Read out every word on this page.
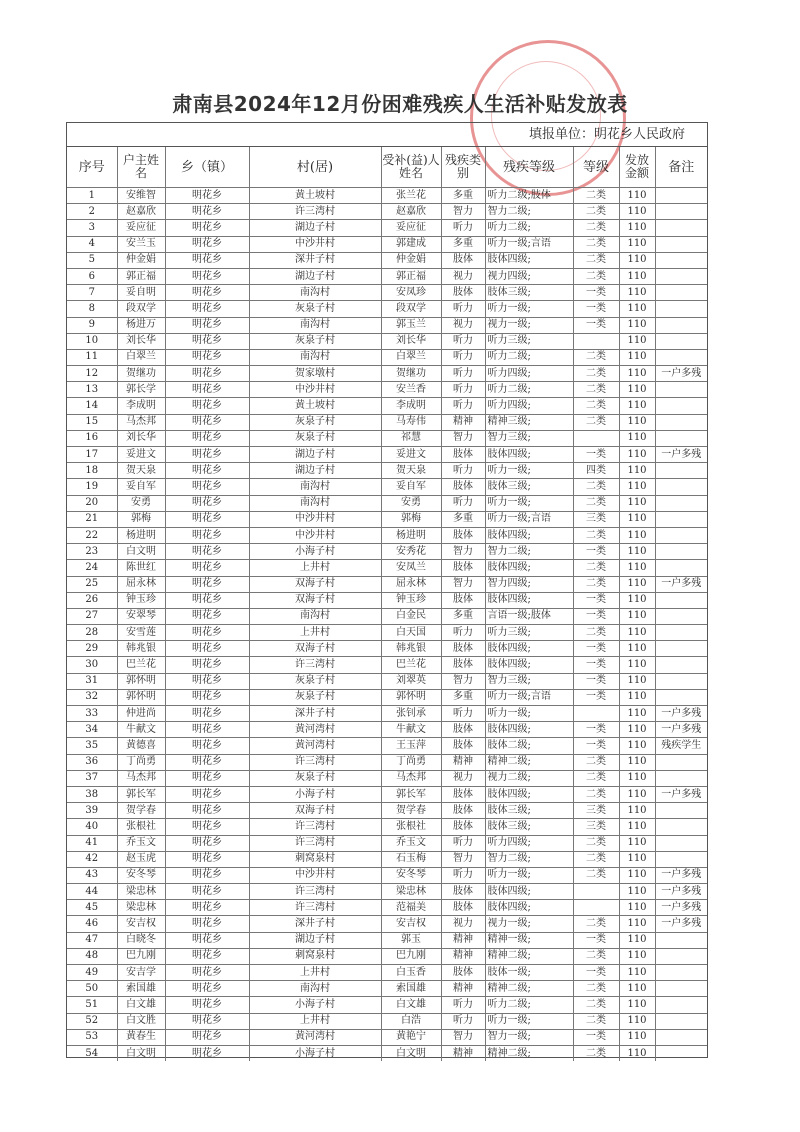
肃南县2024年12月份困难残疾人生活补贴发放表
填报单位：明花乡人民政府
序号	户主姓名	乡（镇）	村(居)	受补(益)人姓名	残疾类别	残疾等级	等级	发放金额	备注
1	安维智	明花乡	黄土坡村	张兰花	多重	听力二级;肢体	二类	110	
2	赵嘉欣	明花乡	许三湾村	赵嘉欣	智力	智力二级;	二类	110	
3	妥应征	明花乡	湖边子村	妥应征	听力	听力二级;	二类	110	
4	安兰玉	明花乡	中沙井村	郭建成	多重	听力一级;言语	二类	110	
5	仲金娟	明花乡	深井子村	仲金娟	肢体	肢体四级;	二类	110	
6	郭正福	明花乡	湖边子村	郭正福	视力	视力四级;	二类	110	
7	妥自明	明花乡	南沟村	安凤珍	肢体	肢体三级;	一类	110	
8	段双学	明花乡	灰泉子村	段双学	听力	听力一级;	一类	110	
9	杨进万	明花乡	南沟村	郭玉兰	视力	视力一级;	一类	110	
10	刘长华	明花乡	灰泉子村	刘长华	听力	听力三级;		110	
11	白翠兰	明花乡	南沟村	白翠兰	听力	听力二级;	二类	110	
12	贺继功	明花乡	贺家墩村	贺继功	听力	听力四级;	二类	110	一户多残
13	郭长学	明花乡	中沙井村	安兰香	听力	听力二级;	二类	110	
14	李成明	明花乡	黄土坡村	李成明	听力	听力四级;	二类	110	
15	马杰邦	明花乡	灰泉子村	马寿伟	精神	精神三级;	二类	110	
16	刘长华	明花乡	灰泉子村	祁慧	智力	智力三级;		110	
17	妥进文	明花乡	湖边子村	妥进文	肢体	肢体四级;	一类	110	一户多残
18	贺天泉	明花乡	湖边子村	贺天泉	听力	听力一级;	四类	110	
19	妥自军	明花乡	南沟村	妥自军	肢体	肢体三级;	二类	110	
20	安勇	明花乡	南沟村	安勇	听力	听力一级;	二类	110	
21	郭梅	明花乡	中沙井村	郭梅	多重	听力一级;言语	三类	110	
22	杨进明	明花乡	中沙井村	杨进明	肢体	肢体四级;	二类	110	
23	白文明	明花乡	小海子村	安秀花	智力	智力二级;	一类	110	
24	陈世红	明花乡	上井村	安凤兰	肢体	肢体四级;	二类	110	
25	屈永林	明花乡	双海子村	屈永林	智力	智力四级;	二类	110	一户多残
26	钟玉珍	明花乡	双海子村	钟玉珍	肢体	肢体四级;	一类	110	
27	安翠琴	明花乡	南沟村	白金民	多重	言语一级;肢体	一类	110	
28	安雪莲	明花乡	上井村	白天国	听力	听力三级;	二类	110	
29	韩兆银	明花乡	双海子村	韩兆银	肢体	肢体四级;	一类	110	
30	巴兰花	明花乡	许三湾村	巴兰花	肢体	肢体四级;	一类	110	
31	郭怀明	明花乡	灰泉子村	刘翠英	智力	智力三级;	一类	110	
32	郭怀明	明花乡	灰泉子村	郭怀明	多重	听力一级;言语	一类	110	
33	仲进尚	明花乡	深井子村	张钊承	听力	听力一级;		110	一户多残
34	牛献文	明花乡	黄河湾村	牛献文	肢体	肢体四级;	一类	110	一户多残
35	黄德喜	明花乡	黄河湾村	王玉萍	肢体	肢体二级;	一类	110	残疾学生
36	丁尚勇	明花乡	许三湾村	丁尚勇	精神	精神二级;	二类	110	
37	马杰邦	明花乡	灰泉子村	马杰邦	视力	视力二级;	二类	110	
38	郭长军	明花乡	小海子村	郭长军	肢体	肢体四级;	二类	110	一户多残
39	贺学春	明花乡	双海子村	贺学春	肢体	肢体三级;	三类	110	
40	张根社	明花乡	许三湾村	张根社	肢体	肢体三级;	三类	110	
41	乔玉文	明花乡	许三湾村	乔玉文	听力	听力四级;	二类	110	
42	赵玉虎	明花乡	刺窝泉村	石玉梅	智力	智力二级;	二类	110	
43	安冬琴	明花乡	中沙井村	安冬琴	听力	听力一级;	二类	110	一户多残
44	梁忠林	明花乡	许三湾村	梁忠林	肢体	肢体四级;		110	一户多残
45	梁忠林	明花乡	许三湾村	范福美	肢体	肢体四级;		110	一户多残
46	安吉权	明花乡	深井子村	安吉权	视力	视力一级;	二类	110	一户多残
47	白晓冬	明花乡	湖边子村	郭玉	精神	精神一级;	一类	110	
48	巴九刚	明花乡	刺窝泉村	巴九刚	精神	精神二级;	二类	110	
49	安吉学	明花乡	上井村	白玉香	肢体	肢体一级;	一类	110	
50	索国雄	明花乡	南沟村	索国雄	精神	精神二级;	二类	110	
51	白文雄	明花乡	小海子村	白文雄	听力	听力二级;	二类	110	
52	白文胜	明花乡	上井村	白浩	听力	听力一级;	二类	110	
53	黄春生	明花乡	黄河湾村	黄艳宁	智力	智力一级;	一类	110	
54	白文明	明花乡	小海子村	白文明	精神	精神二级;	二类	110	
